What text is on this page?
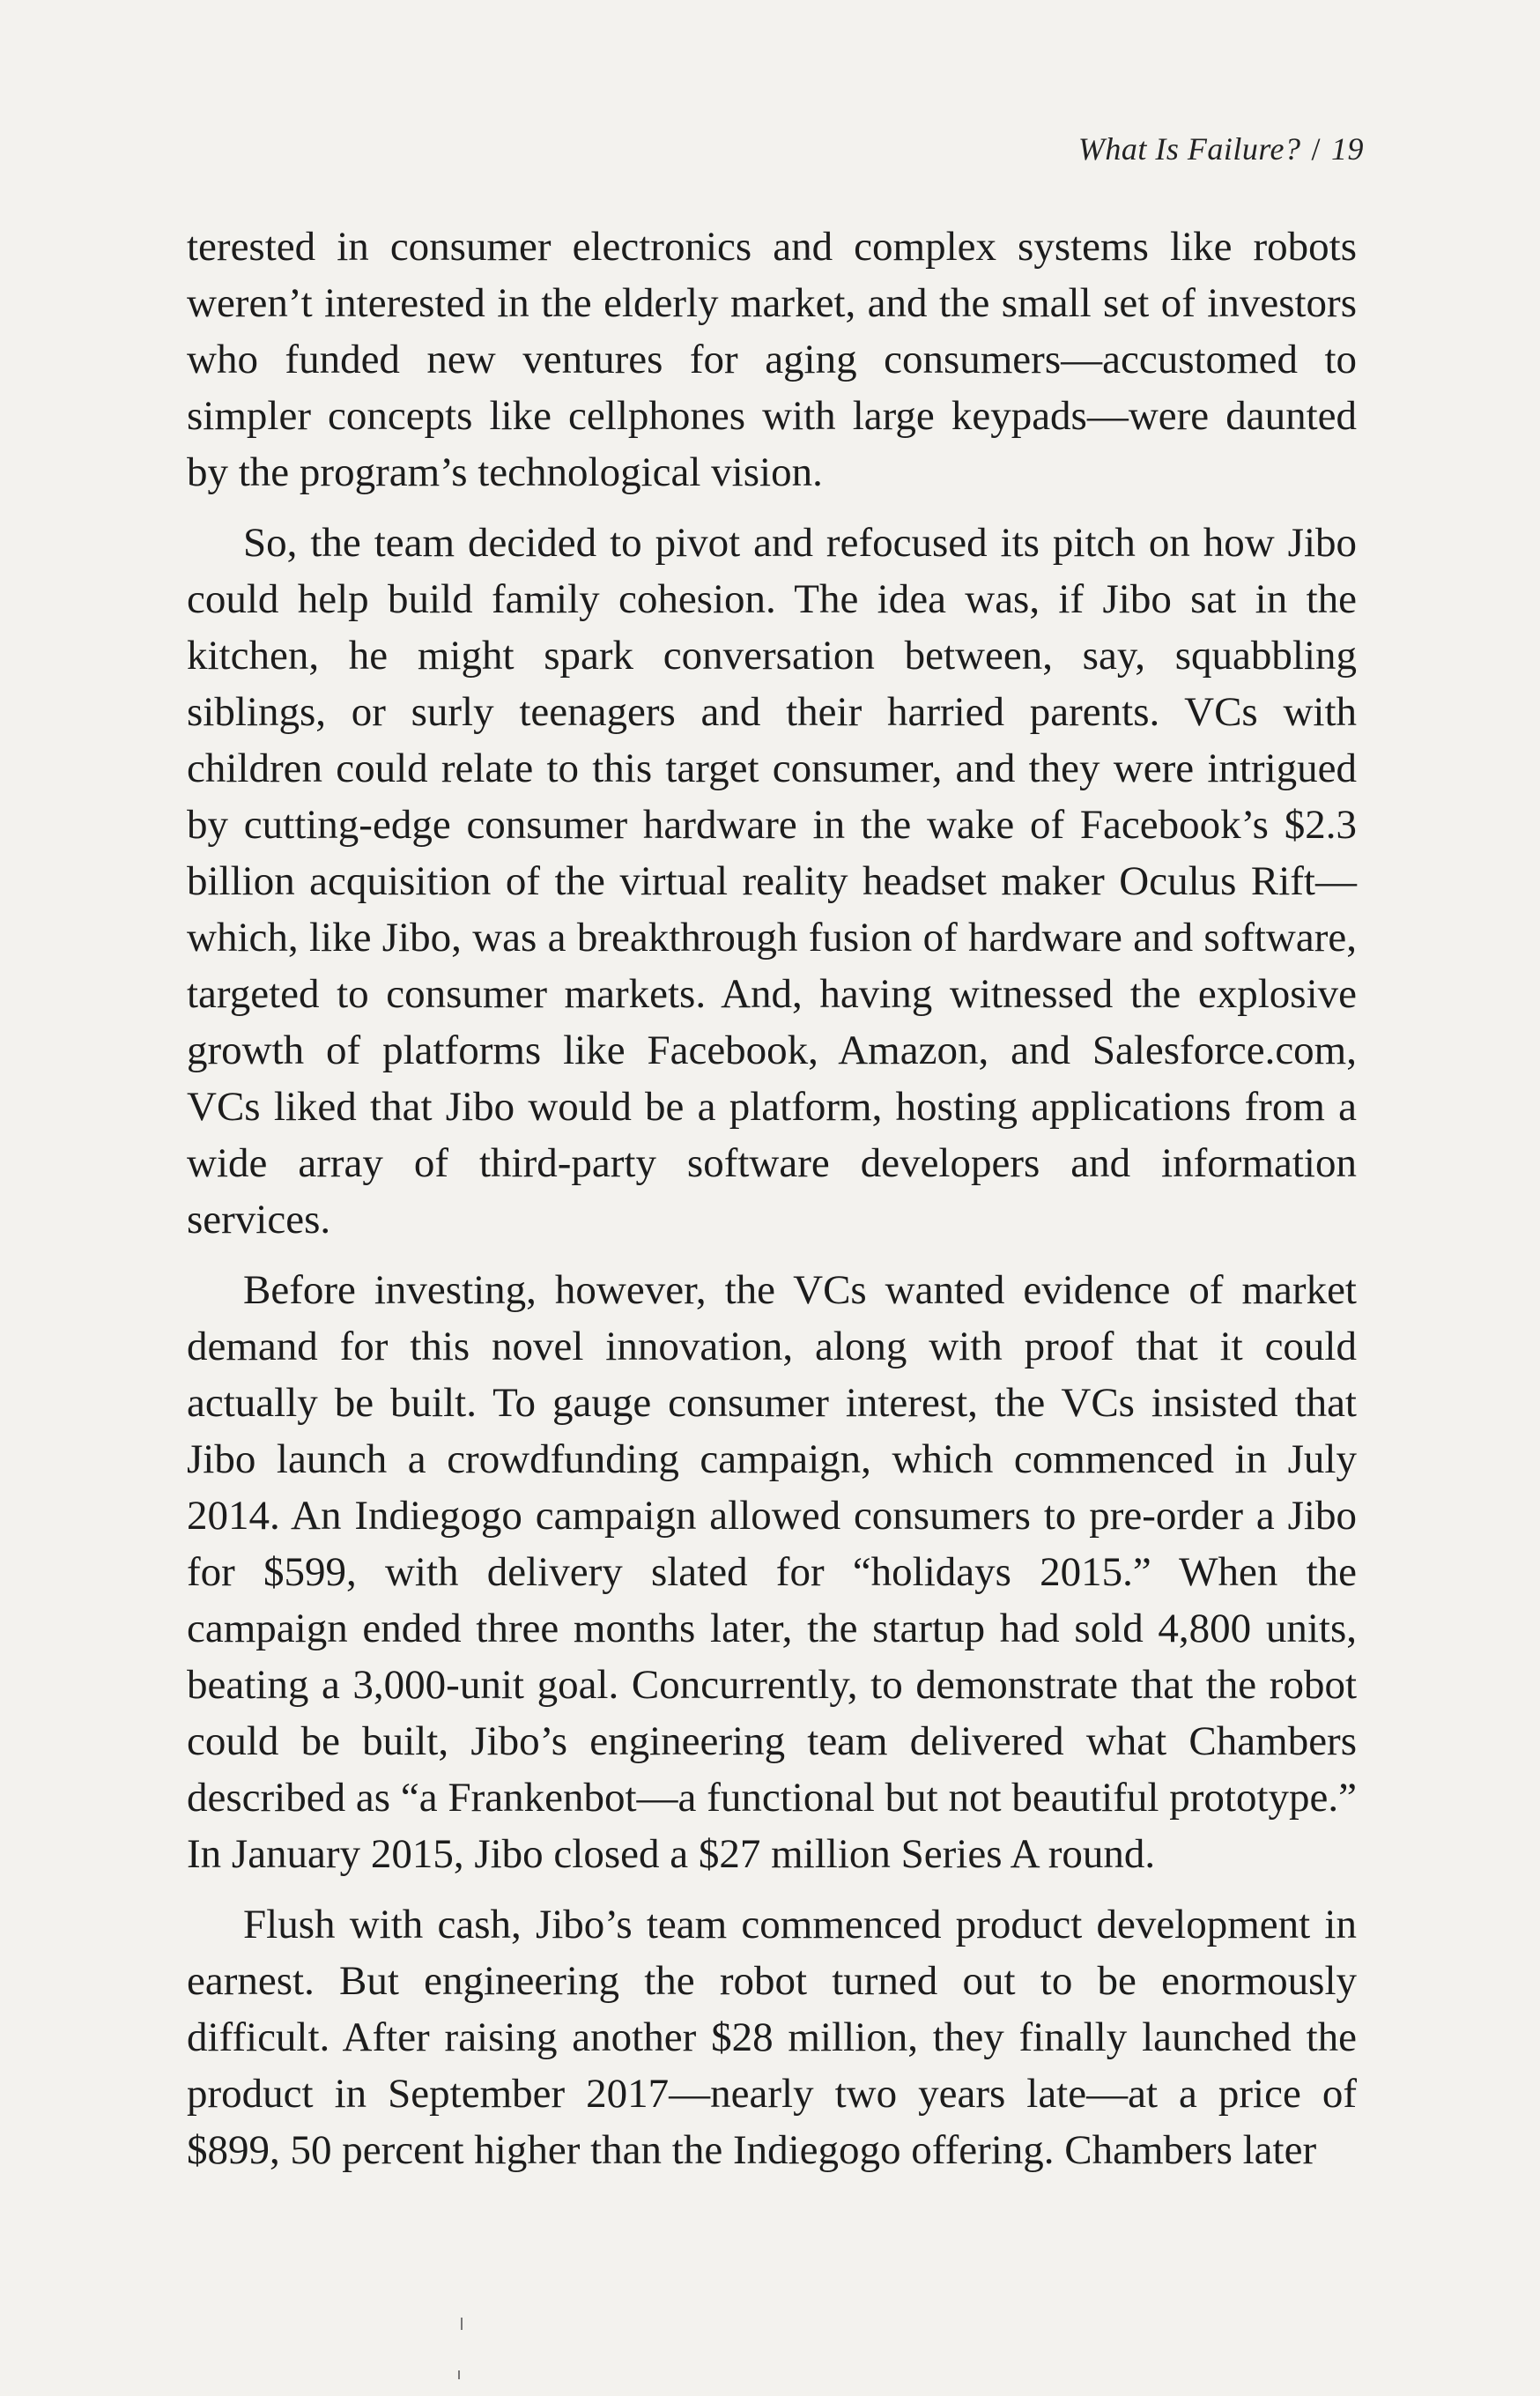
What Is Failure? / 19

terested in consumer electronics and complex systems like robots weren’t interested in the elderly market, and the small set of investors who funded new ventures for aging consumers—accustomed to simpler concepts like cellphones with large keypads—were daunted by the program’s technological vision.

So, the team decided to pivot and refocused its pitch on how Jibo could help build family cohesion. The idea was, if Jibo sat in the kitchen, he might spark conversation between, say, squabbling siblings, or surly teenagers and their harried parents. VCs with children could relate to this target consumer, and they were intrigued by cutting-edge consumer hardware in the wake of Facebook’s $2.3 billion acquisition of the virtual reality headset maker Oculus Rift—which, like Jibo, was a breakthrough fusion of hardware and software, targeted to consumer markets. And, having witnessed the explosive growth of platforms like Facebook, Amazon, and Salesforce.com, VCs liked that Jibo would be a platform, hosting applications from a wide array of third-party software developers and information services.

Before investing, however, the VCs wanted evidence of market demand for this novel innovation, along with proof that it could actually be built. To gauge consumer interest, the VCs insisted that Jibo launch a crowdfunding campaign, which commenced in July 2014. An Indiegogo campaign allowed consumers to pre-order a Jibo for $599, with delivery slated for “holidays 2015.” When the campaign ended three months later, the startup had sold 4,800 units, beating a 3,000-unit goal. Concurrently, to demonstrate that the robot could be built, Jibo’s engineering team delivered what Chambers described as “a Frankenbot—a functional but not beautiful prototype.” In January 2015, Jibo closed a $27 million Series A round.

Flush with cash, Jibo’s team commenced product development in earnest. But engineering the robot turned out to be enormously difficult. After raising another $28 million, they finally launched the product in September 2017—nearly two years late—at a price of $899, 50 percent higher than the Indiegogo offering. Chambers later
